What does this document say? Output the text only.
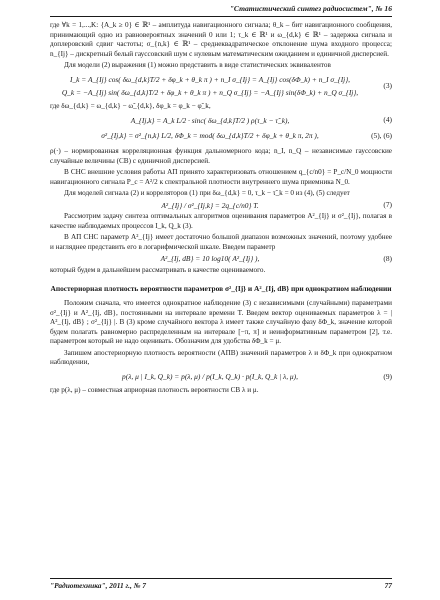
"Статистический синтез радиосистем", № 16

где ∀k = 1,...,K: {A_k ≥ 0} ∈ ℝ¹ – амплитуда навигационного сигнала; θ_k – бит навигационного сообщения, принимающий одно из равновероятных значений 0 или 1; τ_k ∈ ℝ¹ и ω_{d,k} ∈ ℝ¹ – задержка сигнала и доплеровский сдвиг частоты; σ_{n,k} ∈ ℝ¹ – среднеквадратическое отклонение шума входного процесса; n_{Ij} – дискретный белый гауссовский шум с нулевым математическим ожиданием и единичной дисперсией.

Для модели (2) выражения (1) можно представить в виде статистических эквивалентов

I_k = A_{Ij} cos( δω_{d,k}T/2 + δφ_k + θ_k π ) + n_I σ_{Ij} = A_{Ij} cos(δΦ_k) + n_I σ_{Ij},
Q_k = −A_{Ij} sin( δω_{d,k}T/2 + δφ_k + θ_k π ) + n_Q σ_{Ij} = −A_{Ij} sin(δΦ_k) + n_Q σ_{Ij},
(3)

где δω_{d,k} = ω_{d,k} − ω̃_{d,k}, δφ_k = φ_k − φ̃_k,

A_{Ij,k} = A_k L/2 · sinc( δω_{d,k}T/2 ) ρ(τ_k − τ̃_k),	(4)
σ²_{Ij,k} = σ²_{n,k} L/2, δΦ_k = mod( δω_{d,k}T/2 + δφ_k + θ_k π, 2π ),	(5), (6)

ρ(·) – нормированная корреляционная функция дальномерного кода; n_I, n_Q – независимые гауссовские случайные величины (СВ) с единичной дисперсией.

В СНС внешние условия работы АП принято характеризовать отношением q_{c/n0} = P_c/N_0 мощности навигационного сигнала P_c = A²/2 к спектральной плотности внутреннего шума приемника N_0.

Для моделей сигнала (2) и корреляторов (1) при δω_{d,k} = 0, τ_k − τ̃_k = 0 из (4), (5) следует

A²_{Ij} / σ²_{Ij,k} = 2q_{c/n0} T.	(7)

Рассмотрим задачу синтеза оптимальных алгоритмов оценивания параметров A²_{Ij} и σ²_{Ij}, полагая в качестве наблюдаемых процессов I_k, Q_k (3).

В АП СНС параметр A²_{Ij} имеет достаточно большой диапазон возможных значений, поэтому удобнее и нагляднее представить его в логарифмической шкале. Введем параметр

A²_{Ij, dB} = 10 log10( A²_{Ij} ),	(8)

который будем в дальнейшем рассматривать в качестве оцениваемого.

Апостериорная плотность вероятности параметров σ²_{Ij} и A²_{Ij, dB} при однократном наблюдении

Положим сначала, что имеется однократное наблюдение (3) с независимыми (случайными) параметрами σ²_{Ij} и A²_{Ij, dB}, постоянными на интервале времени T. Введем вектор оцениваемых параметров λ = | A²_{Ij, dB} ; σ²_{Ij} |. В (3) кроме случайного вектора λ имеет также случайную фазу δΦ_k, значение которой будем полагать равномерно распределенным на интервале [−π, π] и неинформативным параметром [2], т.е. параметром который не надо оценивать. Обозначим для удобства δΦ_k = μ.

Запишем апостериорную плотность вероятности (АПВ) значений параметров λ и δΦ_k при однократном наблюдении,

p(λ, μ | I_k, Q_k) = p(λ, μ) / p(I_k, Q_k) · p(I_k, Q_k | λ, μ),	(9)

где p(λ, μ) – совместная априорная плотность вероятности СВ λ и μ.

"Радиотехника", 2011 г., № 7	77
